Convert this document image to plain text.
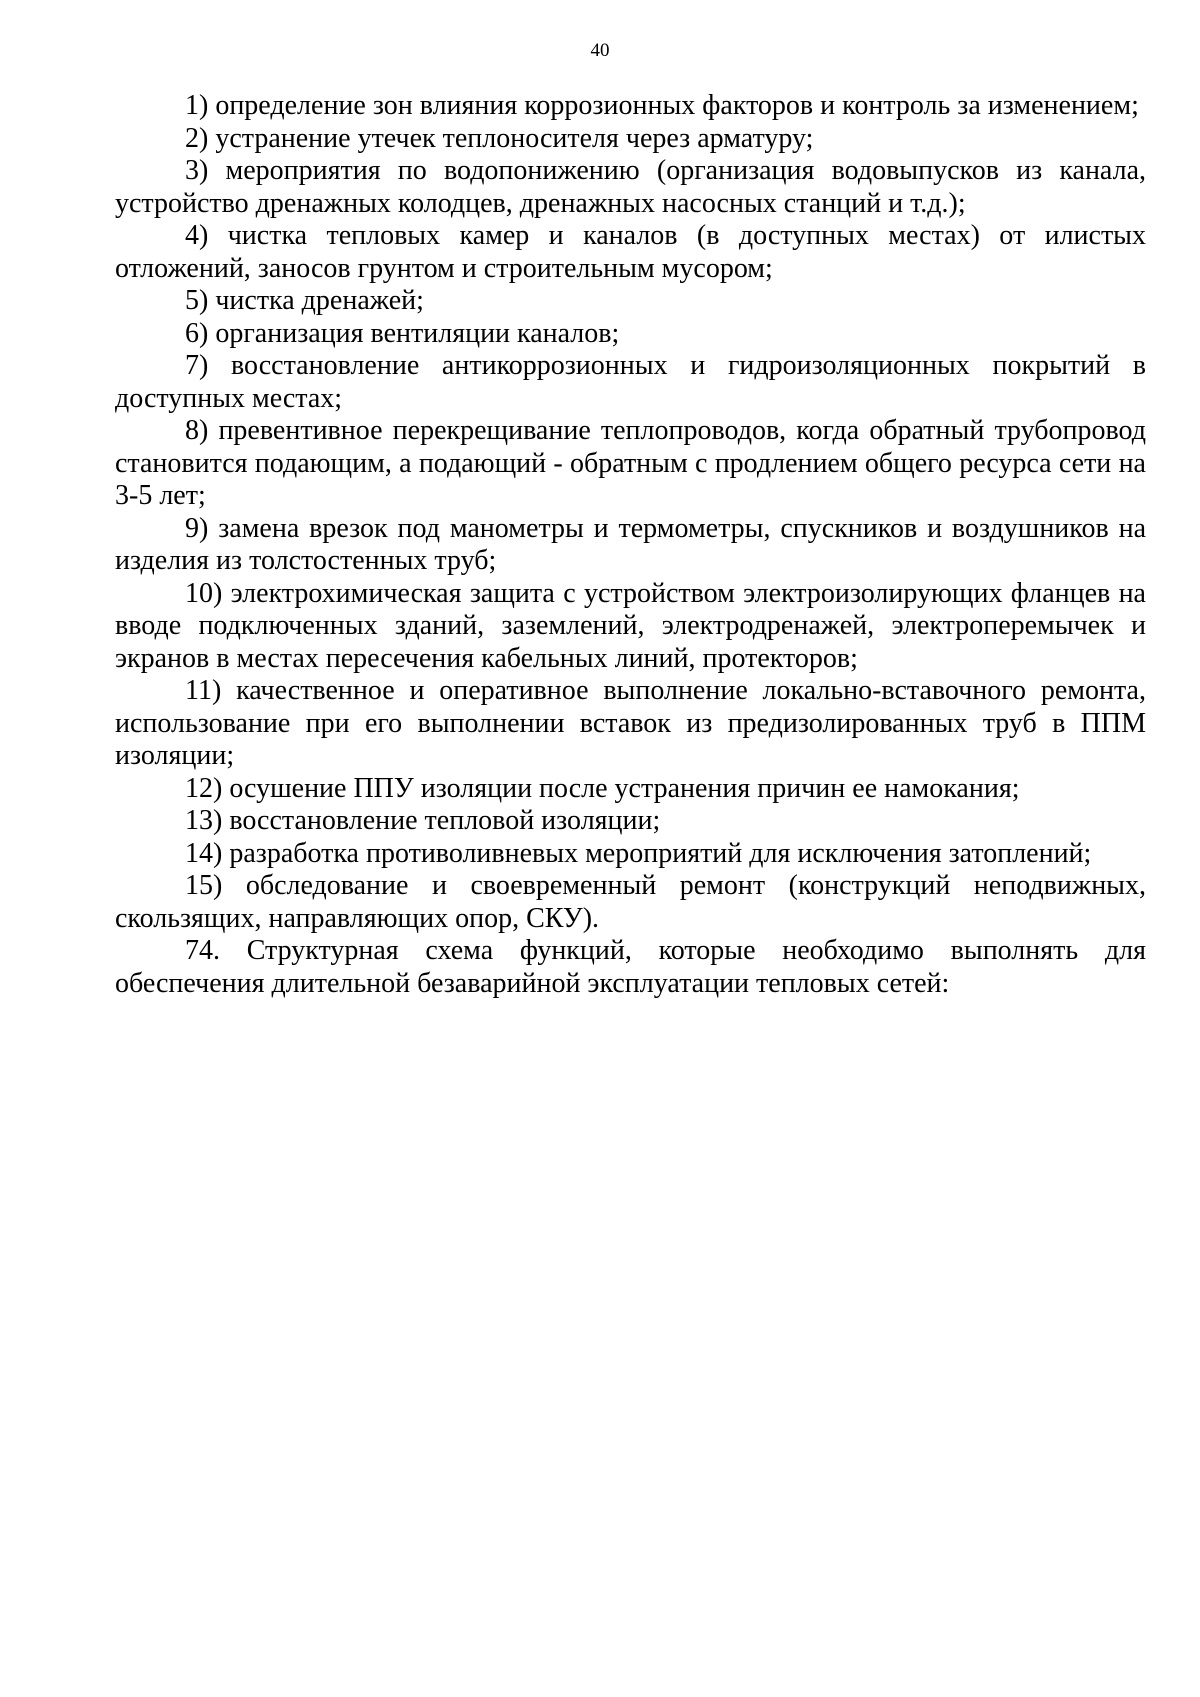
40

1) определение зон влияния коррозионных факторов и контроль за изменением;

2) устранение утечек теплоносителя через арматуру;

3) мероприятия по водопонижению (организация водовыпусков из канала, устройство дренажных колодцев, дренажных насосных станций и т.д.);

4) чистка тепловых камер и каналов (в доступных местах) от илистых отложений, заносов грунтом и строительным мусором;

5) чистка дренажей;

6) организация вентиляции каналов;

7) восстановление антикоррозионных и гидроизоляционных покрытий в доступных местах;

8) превентивное перекрещивание теплопроводов, когда обратный трубопровод становится подающим, а подающий - обратным с продлением общего ресурса сети на 3-5 лет;

9) замена врезок под манометры и термометры, спускников и воздушников на изделия из толстостенных труб;

10) электрохимическая защита с устройством электроизолирующих фланцев на вводе подключенных зданий, заземлений, электродренажей, электроперемычек и экранов в местах пересечения кабельных линий, протекторов;

11) качественное и оперативное выполнение локально-вставочного ремонта, использование при его выполнении вставок из предизолированных труб в ППМ изоляции;

12) осушение ППУ изоляции после устранения причин ее намокания;

13) восстановление тепловой изоляции;

14) разработка противоливневых мероприятий для исключения затоплений;

15) обследование и своевременный ремонт (конструкций неподвижных, скользящих, направляющих опор, СКУ).

74. Структурная схема функций, которые необходимо выполнять для обеспечения длительной безаварийной эксплуатации тепловых сетей:
